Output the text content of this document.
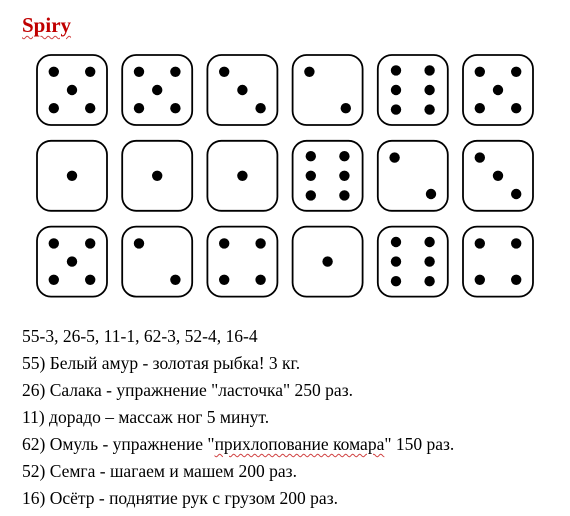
Spiry
55-3, 26-5, 11-1, 62-3, 52-4, 16-4
55) Белый амур - золотая рыбка! 3 кг.
26) Салака - упражнение "ласточка" 250 раз.
11) дорадо – массаж ног 5 минут.
62) Омуль - упражнение "прихлопование комара" 150 раз.
52) Семга - шагаем и машем 200 раз.
16) Осётр - поднятие рук с грузом 200 раз.
